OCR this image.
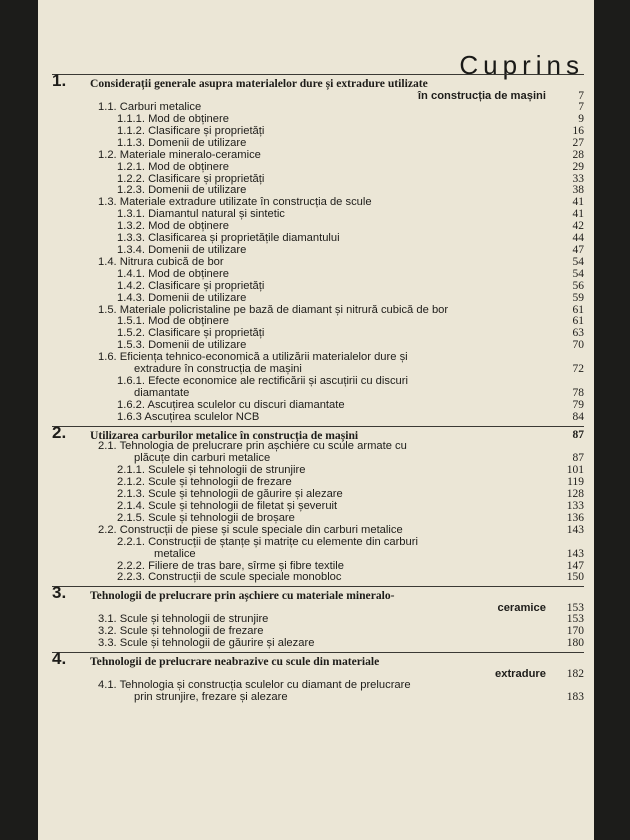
Cuprins
1.	Considerații generale asupra materialelor dure și extradure utilizate
în construcția de mașini	7
1.1. Carburi metalice	7
1.1.1. Mod de obținere	9
1.1.2. Clasificare și proprietăți	16
1.1.3. Domenii de utilizare	27
1.2. Materiale mineralo-ceramice	28
1.2.1. Mod de obținere	29
1.2.2. Clasificare și proprietăți	33
1.2.3. Domenii de utilizare	38
1.3. Materiale extradure utilizate în construcția de scule	41
1.3.1. Diamantul natural și sintetic	41
1.3.2. Mod de obținere	42
1.3.3. Clasificarea și proprietățile diamantului	44
1.3.4. Domenii de utilizare	47
1.4. Nitrura cubică de bor	54
1.4.1. Mod de obținere	54
1.4.2. Clasificare și proprietăți	56
1.4.3. Domenii de utilizare	59
1.5. Materiale policristaline pe bază de diamant și nitrură cubică de bor	61
1.5.1. Mod de obținere	61
1.5.2. Clasificare și proprietăți	63
1.5.3. Domenii de utilizare	70
1.6. Eficiența tehnico-economică a utilizării materialelor dure și
extradure în construcția de mașini	72
1.6.1. Efecte economice ale rectificării și ascuțirii cu discuri
diamantate	78
1.6.2. Ascuțirea sculelor cu discuri diamantate	79
1.6.3 Ascuțirea sculelor NCB	84
2.	Utilizarea carburilor metalice în construcția de mașini	87
2.1. Tehnologia de prelucrare prin așchiere cu scule armate cu
plăcuțe din carburi metalice	87
2.1.1. Sculele și tehnologii de strunjire	101
2.1.2. Scule și tehnologii de frezare	119
2.1.3. Scule și tehnologii de găurire și alezare	128
2.1.4. Scule și tehnologii de filetat și șeveruit	133
2.1.5. Scule și tehnologii de broșare	136
2.2. Construcții de piese și scule speciale din carburi metalice	143
2.2.1. Construcții de ștanțe și matrițe cu elemente din carburi
metalice	143
2.2.2. Filiere de tras bare, sîrme și fibre textile	147
2.2.3. Construcții de scule speciale monobloc	150
3.	Tehnologii de prelucrare prin așchiere cu materiale mineralo-
ceramice	153
3.1. Scule și tehnologii de strunjire	153
3.2. Scule și tehnologii de frezare	170
3.3. Scule și tehnologii de găurire și alezare	180
4.	Tehnologii de prelucrare neabrazive cu scule din materiale
extradure	182
4.1. Tehnologia și construcția sculelor cu diamant de prelucrare
prin strunjire, frezare și alezare	183
